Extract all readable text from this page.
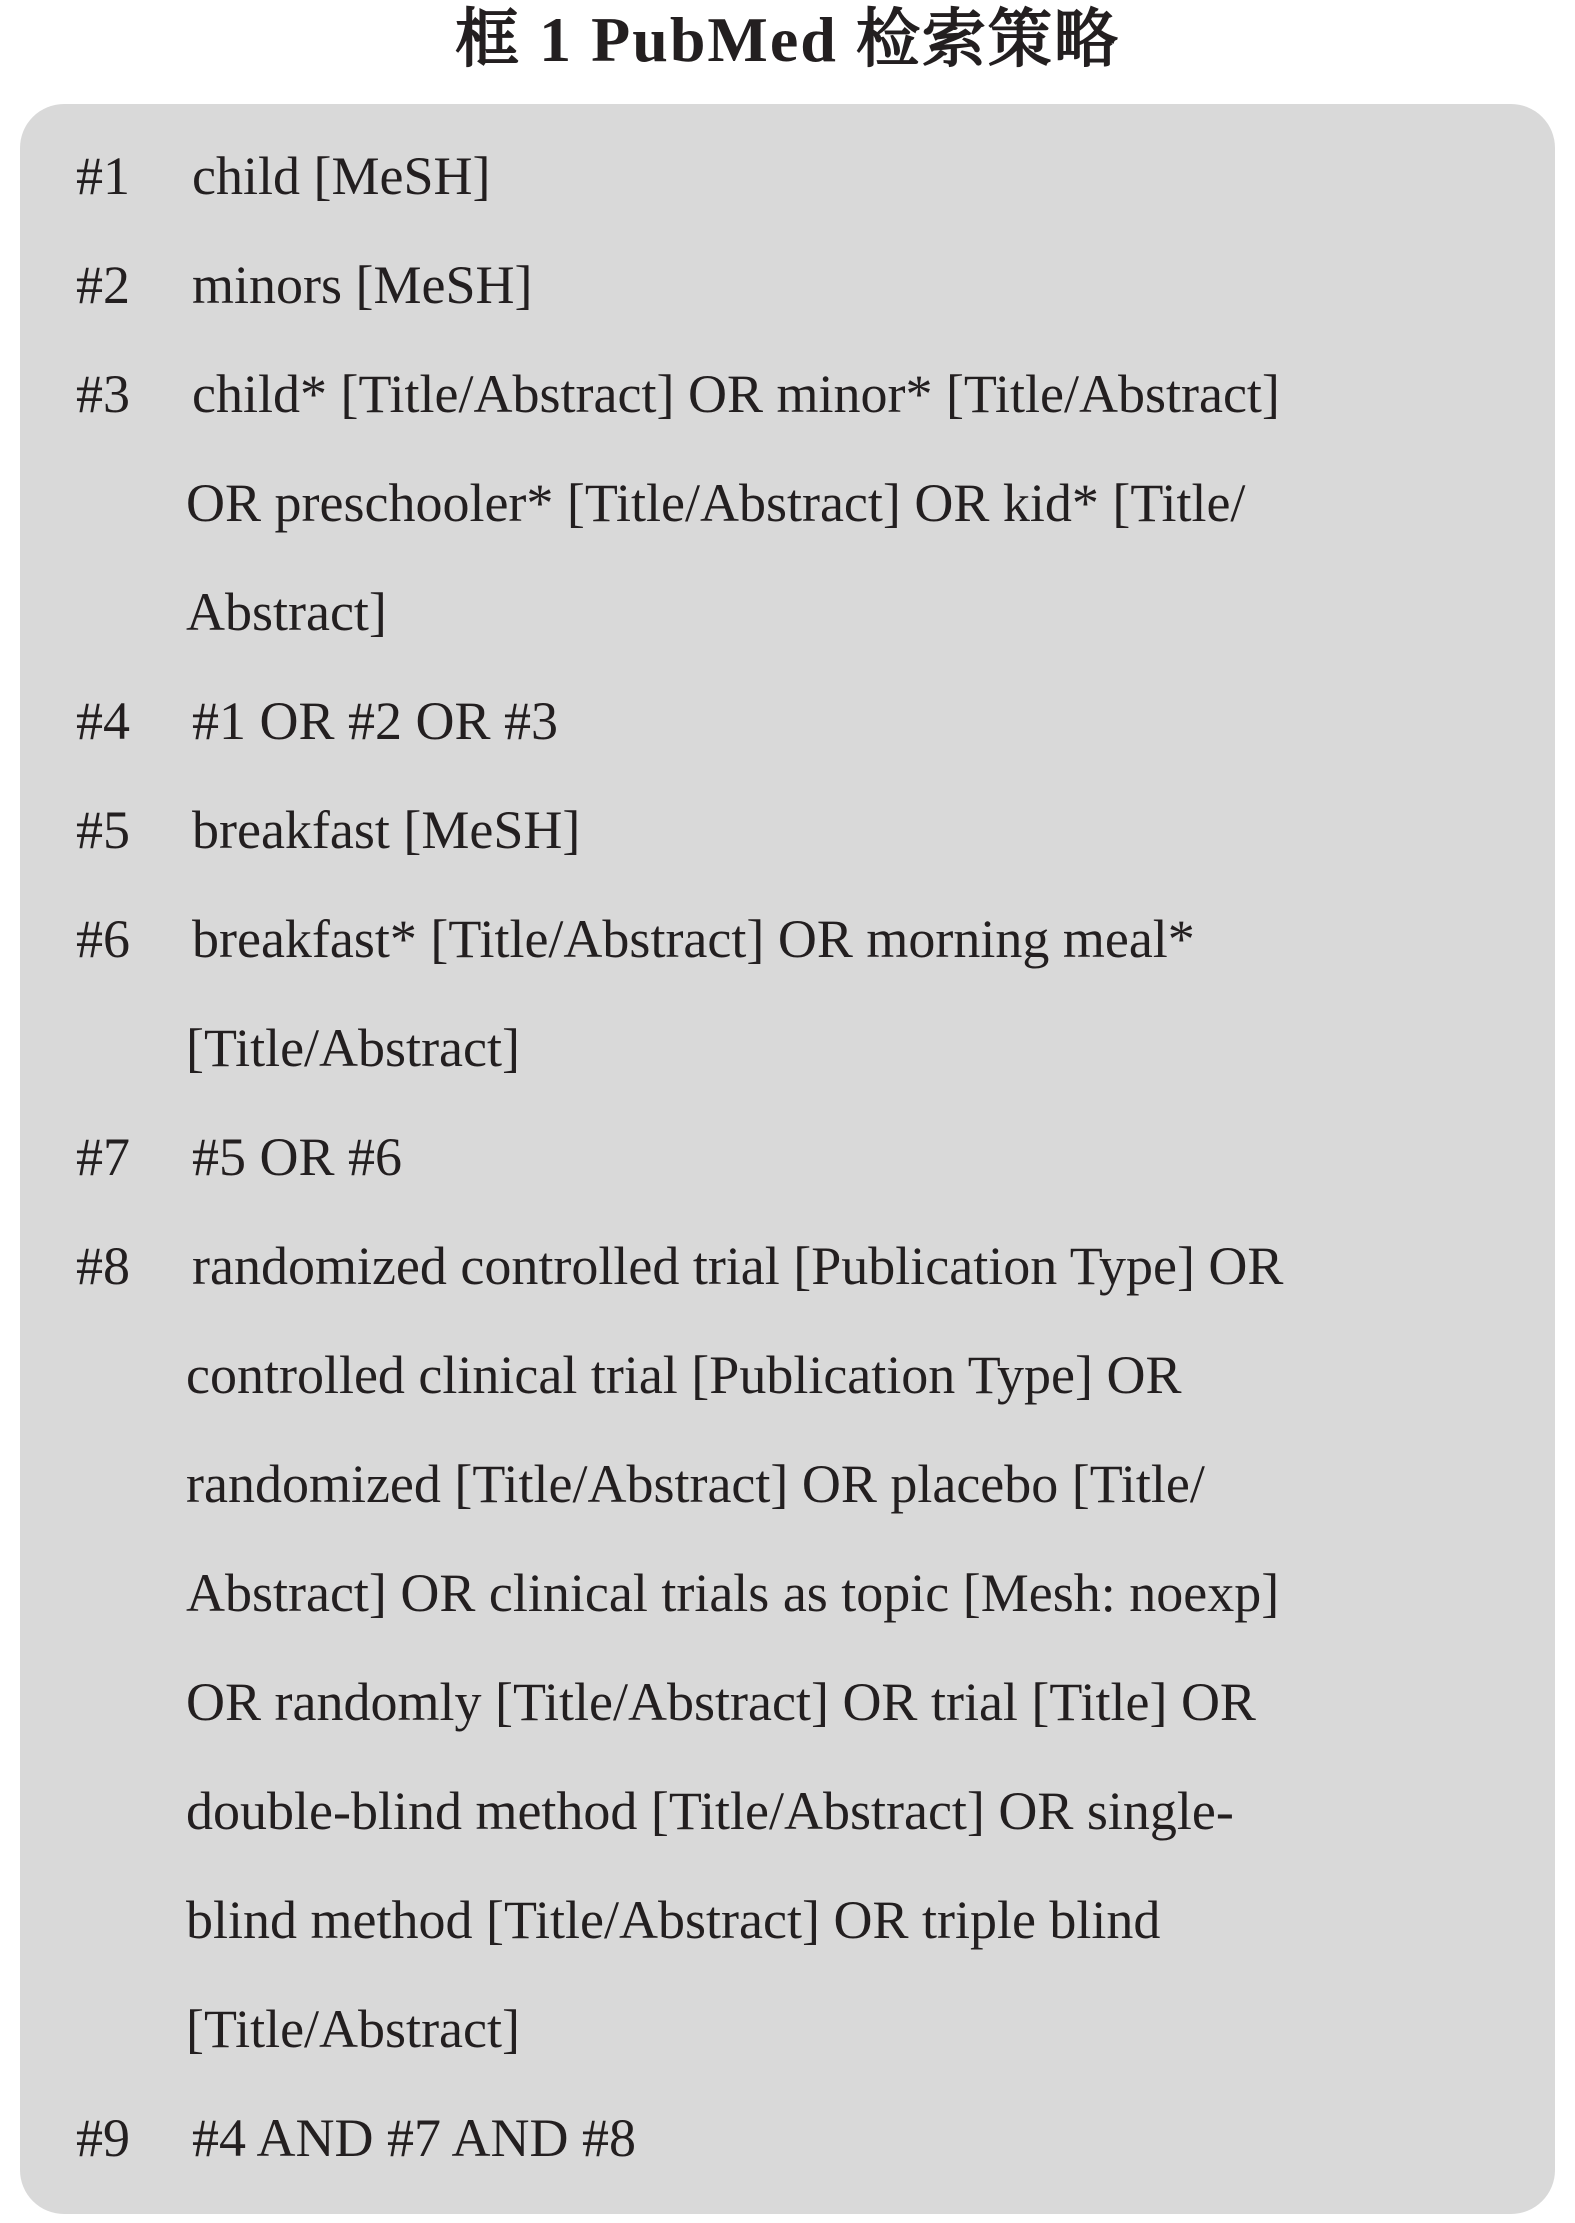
框 1 PubMed 检索策略
#1 child [MeSH]
#2 minors [MeSH]
#3 child* [Title/Abstract] OR minor* [Title/Abstract]
OR preschooler* [Title/Abstract] OR kid* [Title/
Abstract]
#4 #1 OR #2 OR #3
#5 breakfast [MeSH]
#6 breakfast* [Title/Abstract] OR morning meal*
[Title/Abstract]
#7 #5 OR #6
#8 randomized controlled trial [Publication Type] OR
controlled clinical trial [Publication Type] OR
randomized [Title/Abstract] OR placebo [Title/
Abstract] OR clinical trials as topic [Mesh: noexp]
OR randomly [Title/Abstract] OR trial [Title] OR
double-blind method [Title/Abstract] OR single-
blind method [Title/Abstract] OR triple blind
[Title/Abstract]
#9 #4 AND #7 AND #8
